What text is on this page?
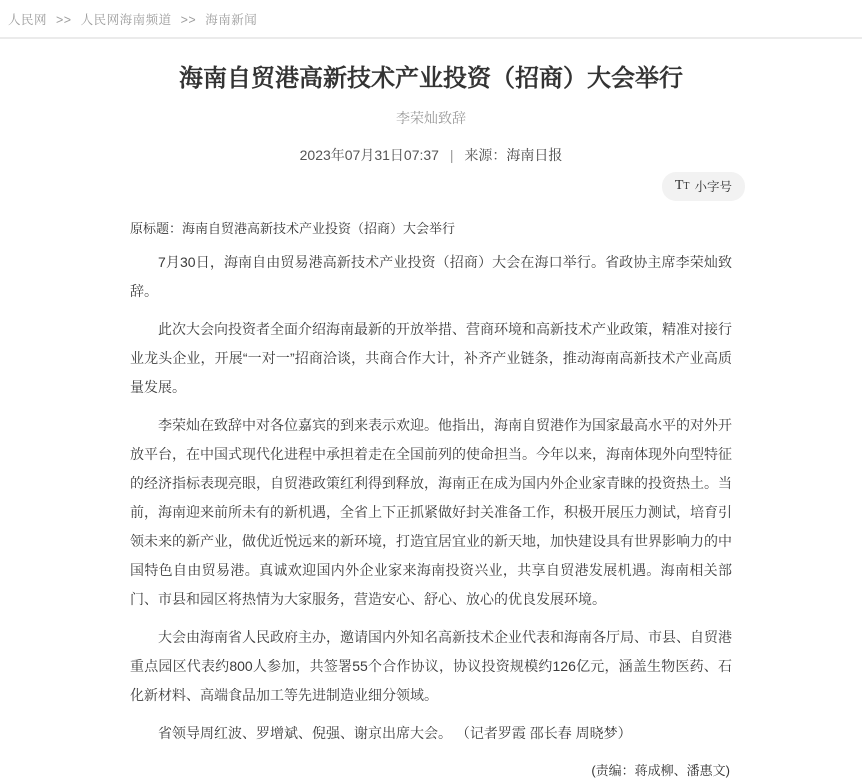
人民网 >> 人民网海南频道 >> 海南新闻
海南自贸港高新技术产业投资（招商）大会举行
李荣灿致辞
2023年07月31日07:37 | 来源：海南日报
TT 小字号

原标题：海南自贸港高新技术产业投资（招商）大会举行

7月30日，海南自由贸易港高新技术产业投资（招商）大会在海口举行。省政协主席李荣灿致辞。

此次大会向投资者全面介绍海南最新的开放举措、营商环境和高新技术产业政策，精准对接行业龙头企业，开展“一对一”招商洽谈，共商合作大计，补齐产业链条，推动海南高新技术产业高质量发展。

李荣灿在致辞中对各位嘉宾的到来表示欢迎。他指出，海南自贸港作为国家最高水平的对外开放平台，在中国式现代化进程中承担着走在全国前列的使命担当。今年以来，海南体现外向型特征的经济指标表现亮眼，自贸港政策红利得到释放，海南正在成为国内外企业家青睐的投资热土。当前，海南迎来前所未有的新机遇，全省上下正抓紧做好封关准备工作，积极开展压力测试，培育引领未来的新产业，做优近悦远来的新环境，打造宜居宜业的新天地，加快建设具有世界影响力的中国特色自由贸易港。真诚欢迎国内外企业家来海南投资兴业，共享自贸港发展机遇。海南相关部门、市县和园区将热情为大家服务，营造安心、舒心、放心的优良发展环境。

大会由海南省人民政府主办，邀请国内外知名高新技术企业代表和海南各厅局、市县、自贸港重点园区代表约800人参加，共签署55个合作协议，协议投资规模约126亿元，涵盖生物医药、石化新材料、高端食品加工等先进制造业细分领域。

省领导周红波、罗增斌、倪强、谢京出席大会。 （记者罗霞 邵长春 周晓梦）

(责编：蒋成柳、潘惠文)
